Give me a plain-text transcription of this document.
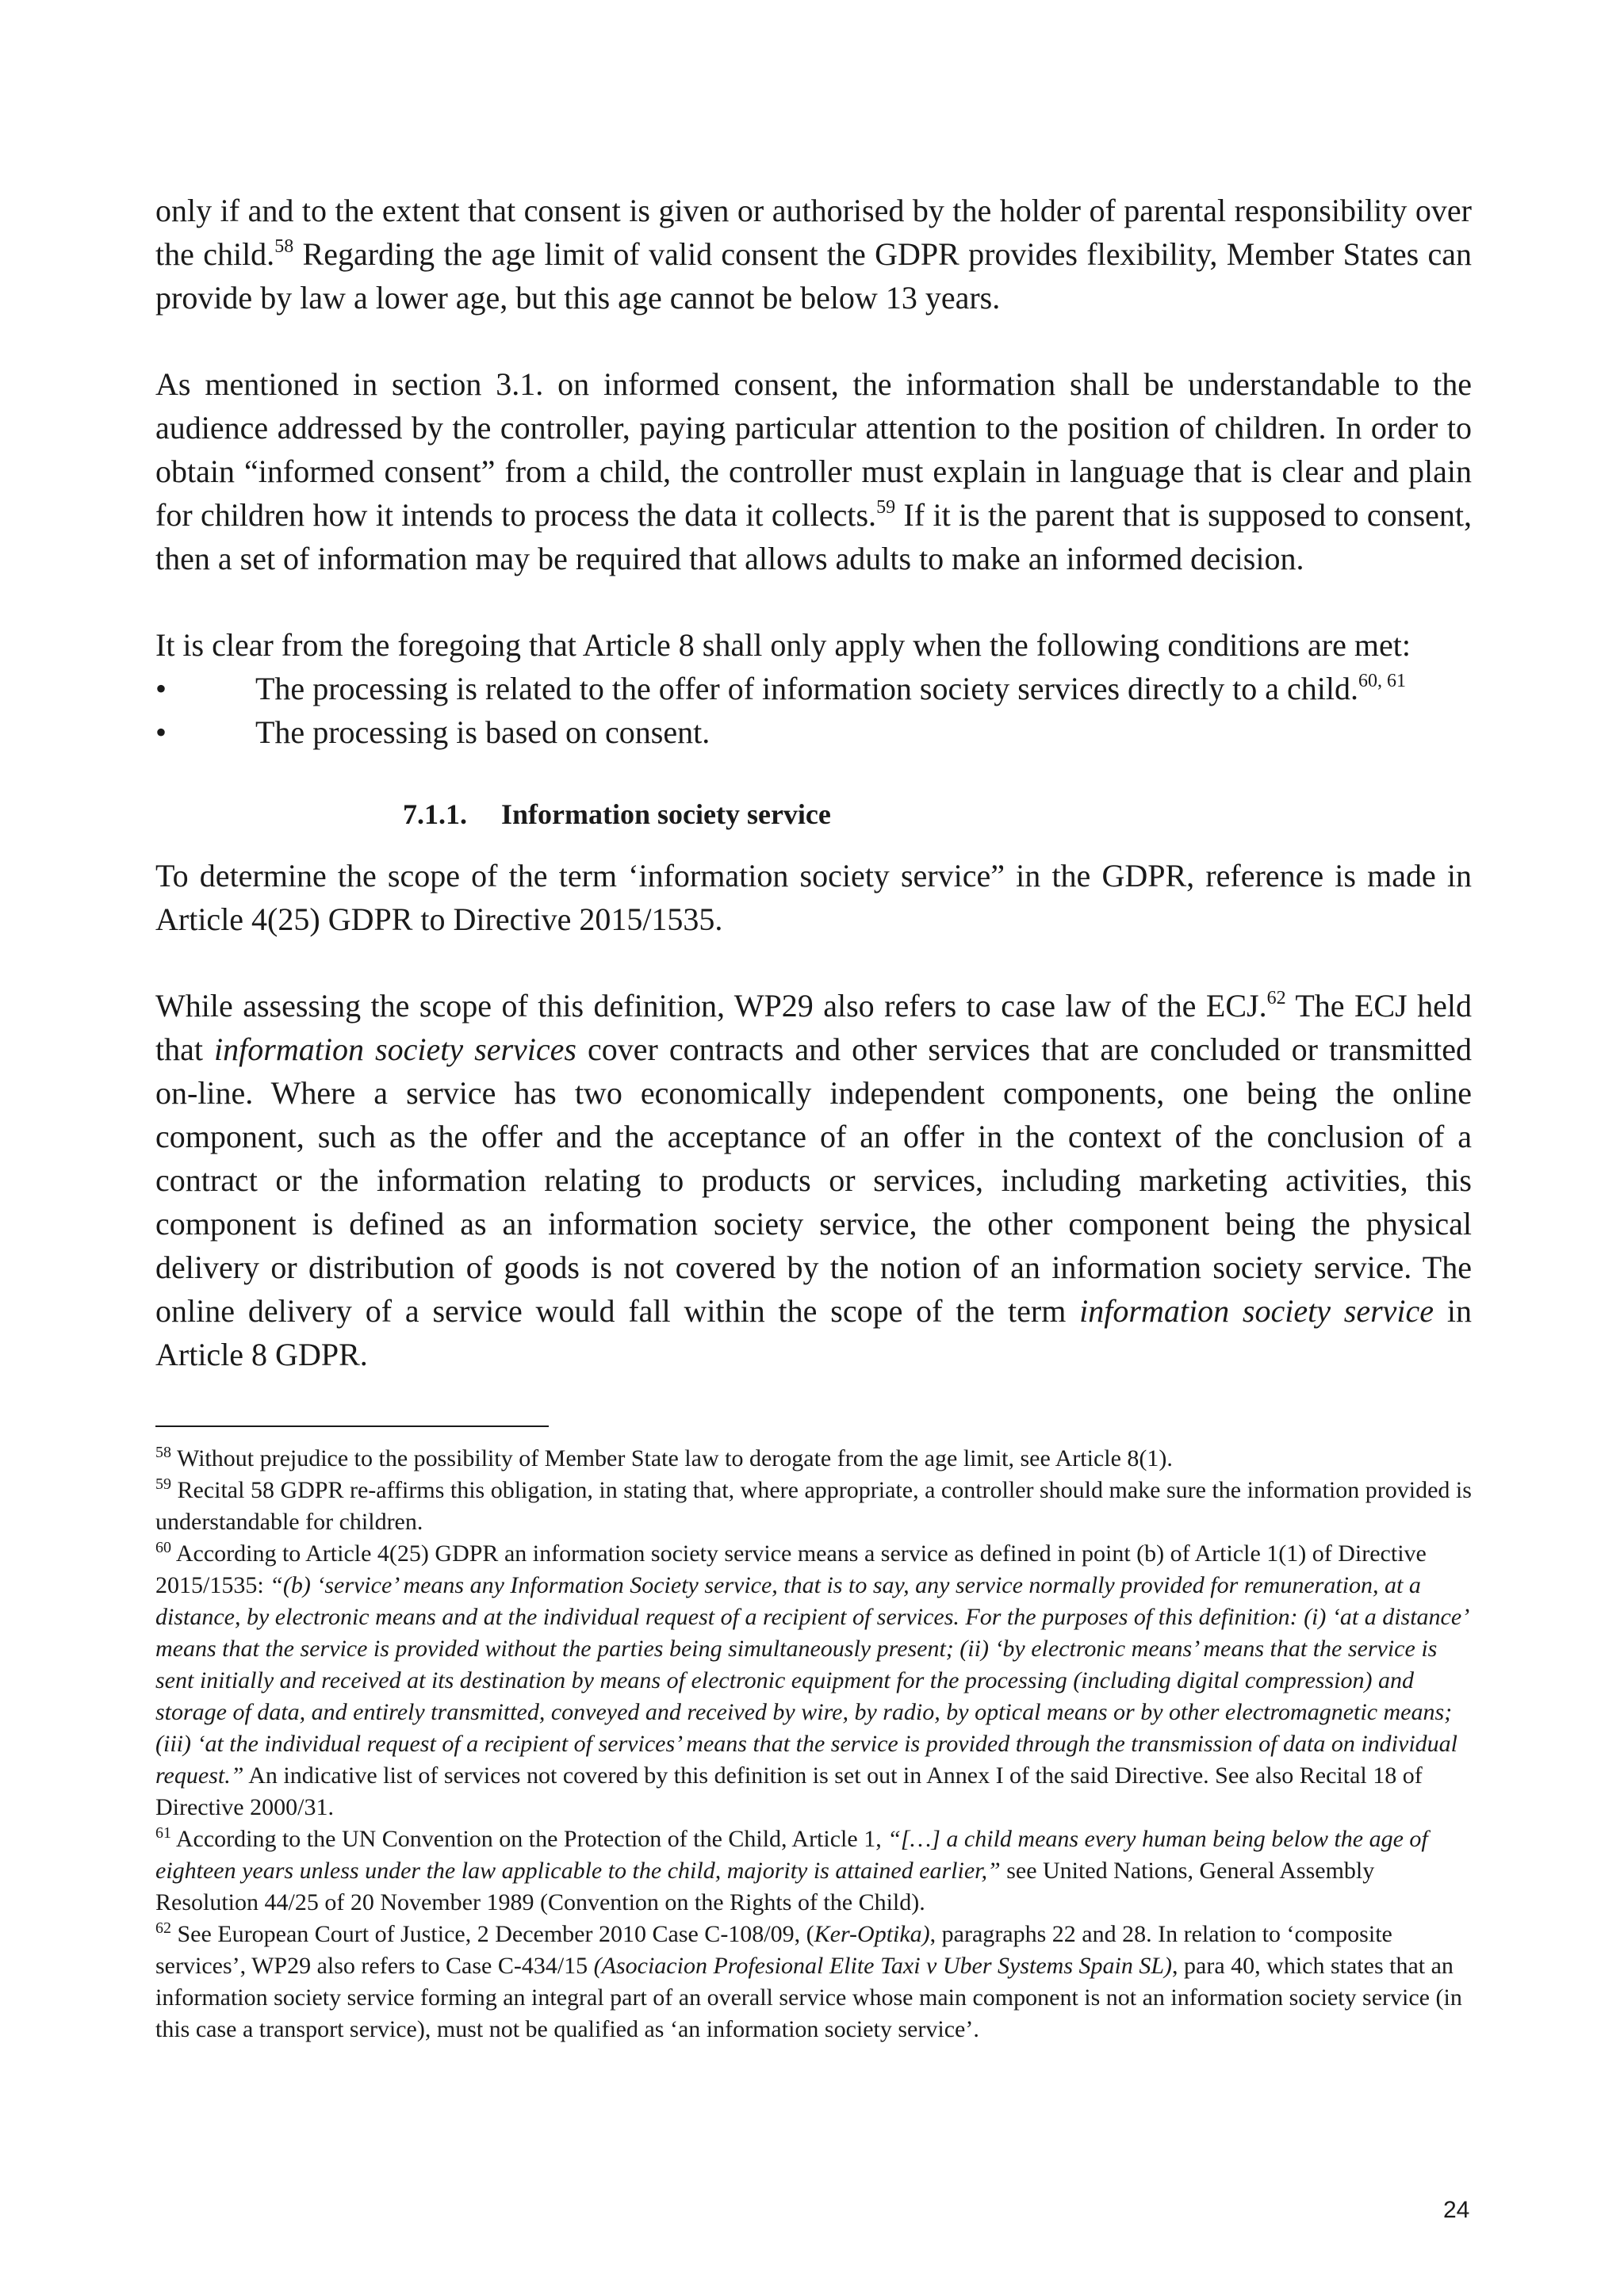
only if and to the extent that consent is given or authorised by the holder of parental responsibility over the child.$^{58}$ Regarding the age limit of valid consent the GDPR provides flexibility, Member States can provide by law a lower age, but this age cannot be below 13 years.

As mentioned in section 3.1. on informed consent, the information shall be understandable to the audience addressed by the controller, paying particular attention to the position of children. In order to obtain “informed consent” from a child, the controller must explain in language that is clear and plain for children how it intends to process the data it collects.$^{59}$ If it is the parent that is supposed to consent, then a set of information may be required that allows adults to make an informed decision.

It is clear from the foregoing that Article 8 shall only apply when the following conditions are met:

•	The processing is related to the offer of information society services directly to a child.$^{60, 61}$
•	The processing is based on consent.
7.1.1. Information society service

To determine the scope of the term ‘information society service” in the GDPR, reference is made in Article 4(25) GDPR to Directive 2015/1535.

While assessing the scope of this definition, WP29 also refers to case law of the ECJ.$^{62}$ The ECJ held that information society services cover contracts and other services that are concluded or transmitted on-line. Where a service has two economically independent components, one being the online component, such as the offer and the acceptance of an offer in the context of the conclusion of a contract or the information relating to products or services, including marketing activities, this component is defined as an information society service, the other component being the physical delivery or distribution of goods is not covered by the notion of an information society service. The online delivery of a service would fall within the scope of the term information society service in Article 8 GDPR.

$^{58}$ Without prejudice to the possibility of Member State law to derogate from the age limit, see Article 8(1).

$^{59}$ Recital 58 GDPR re-affirms this obligation, in stating that, where appropriate, a controller should make sure the information provided is understandable for children.

$^{60}$ According to Article 4(25) GDPR an information society service means a service as defined in point (b) of Article 1(1) of Directive 2015/1535: “(b) ‘service’ means any Information Society service, that is to say, any service normally provided for remuneration, at a distance, by electronic means and at the individual request of a recipient of services. For the purposes of this definition: (i) ‘at a distance’ means that the service is provided without the parties being simultaneously present; (ii) ‘by electronic means’ means that the service is sent initially and received at its destination by means of electronic equipment for the processing (including digital compression) and storage of data, and entirely transmitted, conveyed and received by wire, by radio, by optical means or by other electromagnetic means; (iii) ‘at the individual request of a recipient of services’ means that the service is provided through the transmission of data on individual request.” An indicative list of services not covered by this definition is set out in Annex I of the said Directive. See also Recital 18 of Directive 2000/31.

$^{61}$ According to the UN Convention on the Protection of the Child, Article 1, “[…] a child means every human being below the age of eighteen years unless under the law applicable to the child, majority is attained earlier,” see United Nations, General Assembly Resolution 44/25 of 20 November 1989 (Convention on the Rights of the Child).

$^{62}$ See European Court of Justice, 2 December 2010 Case C-108/09, (Ker-Optika), paragraphs 22 and 28. In relation to ‘composite services’, WP29 also refers to Case C-434/15 (Asociacion Profesional Elite Taxi v Uber Systems Spain SL), para 40, which states that an information society service forming an integral part of an overall service whose main component is not an information society service (in this case a transport service), must not be qualified as ‘an information society service’.

24
